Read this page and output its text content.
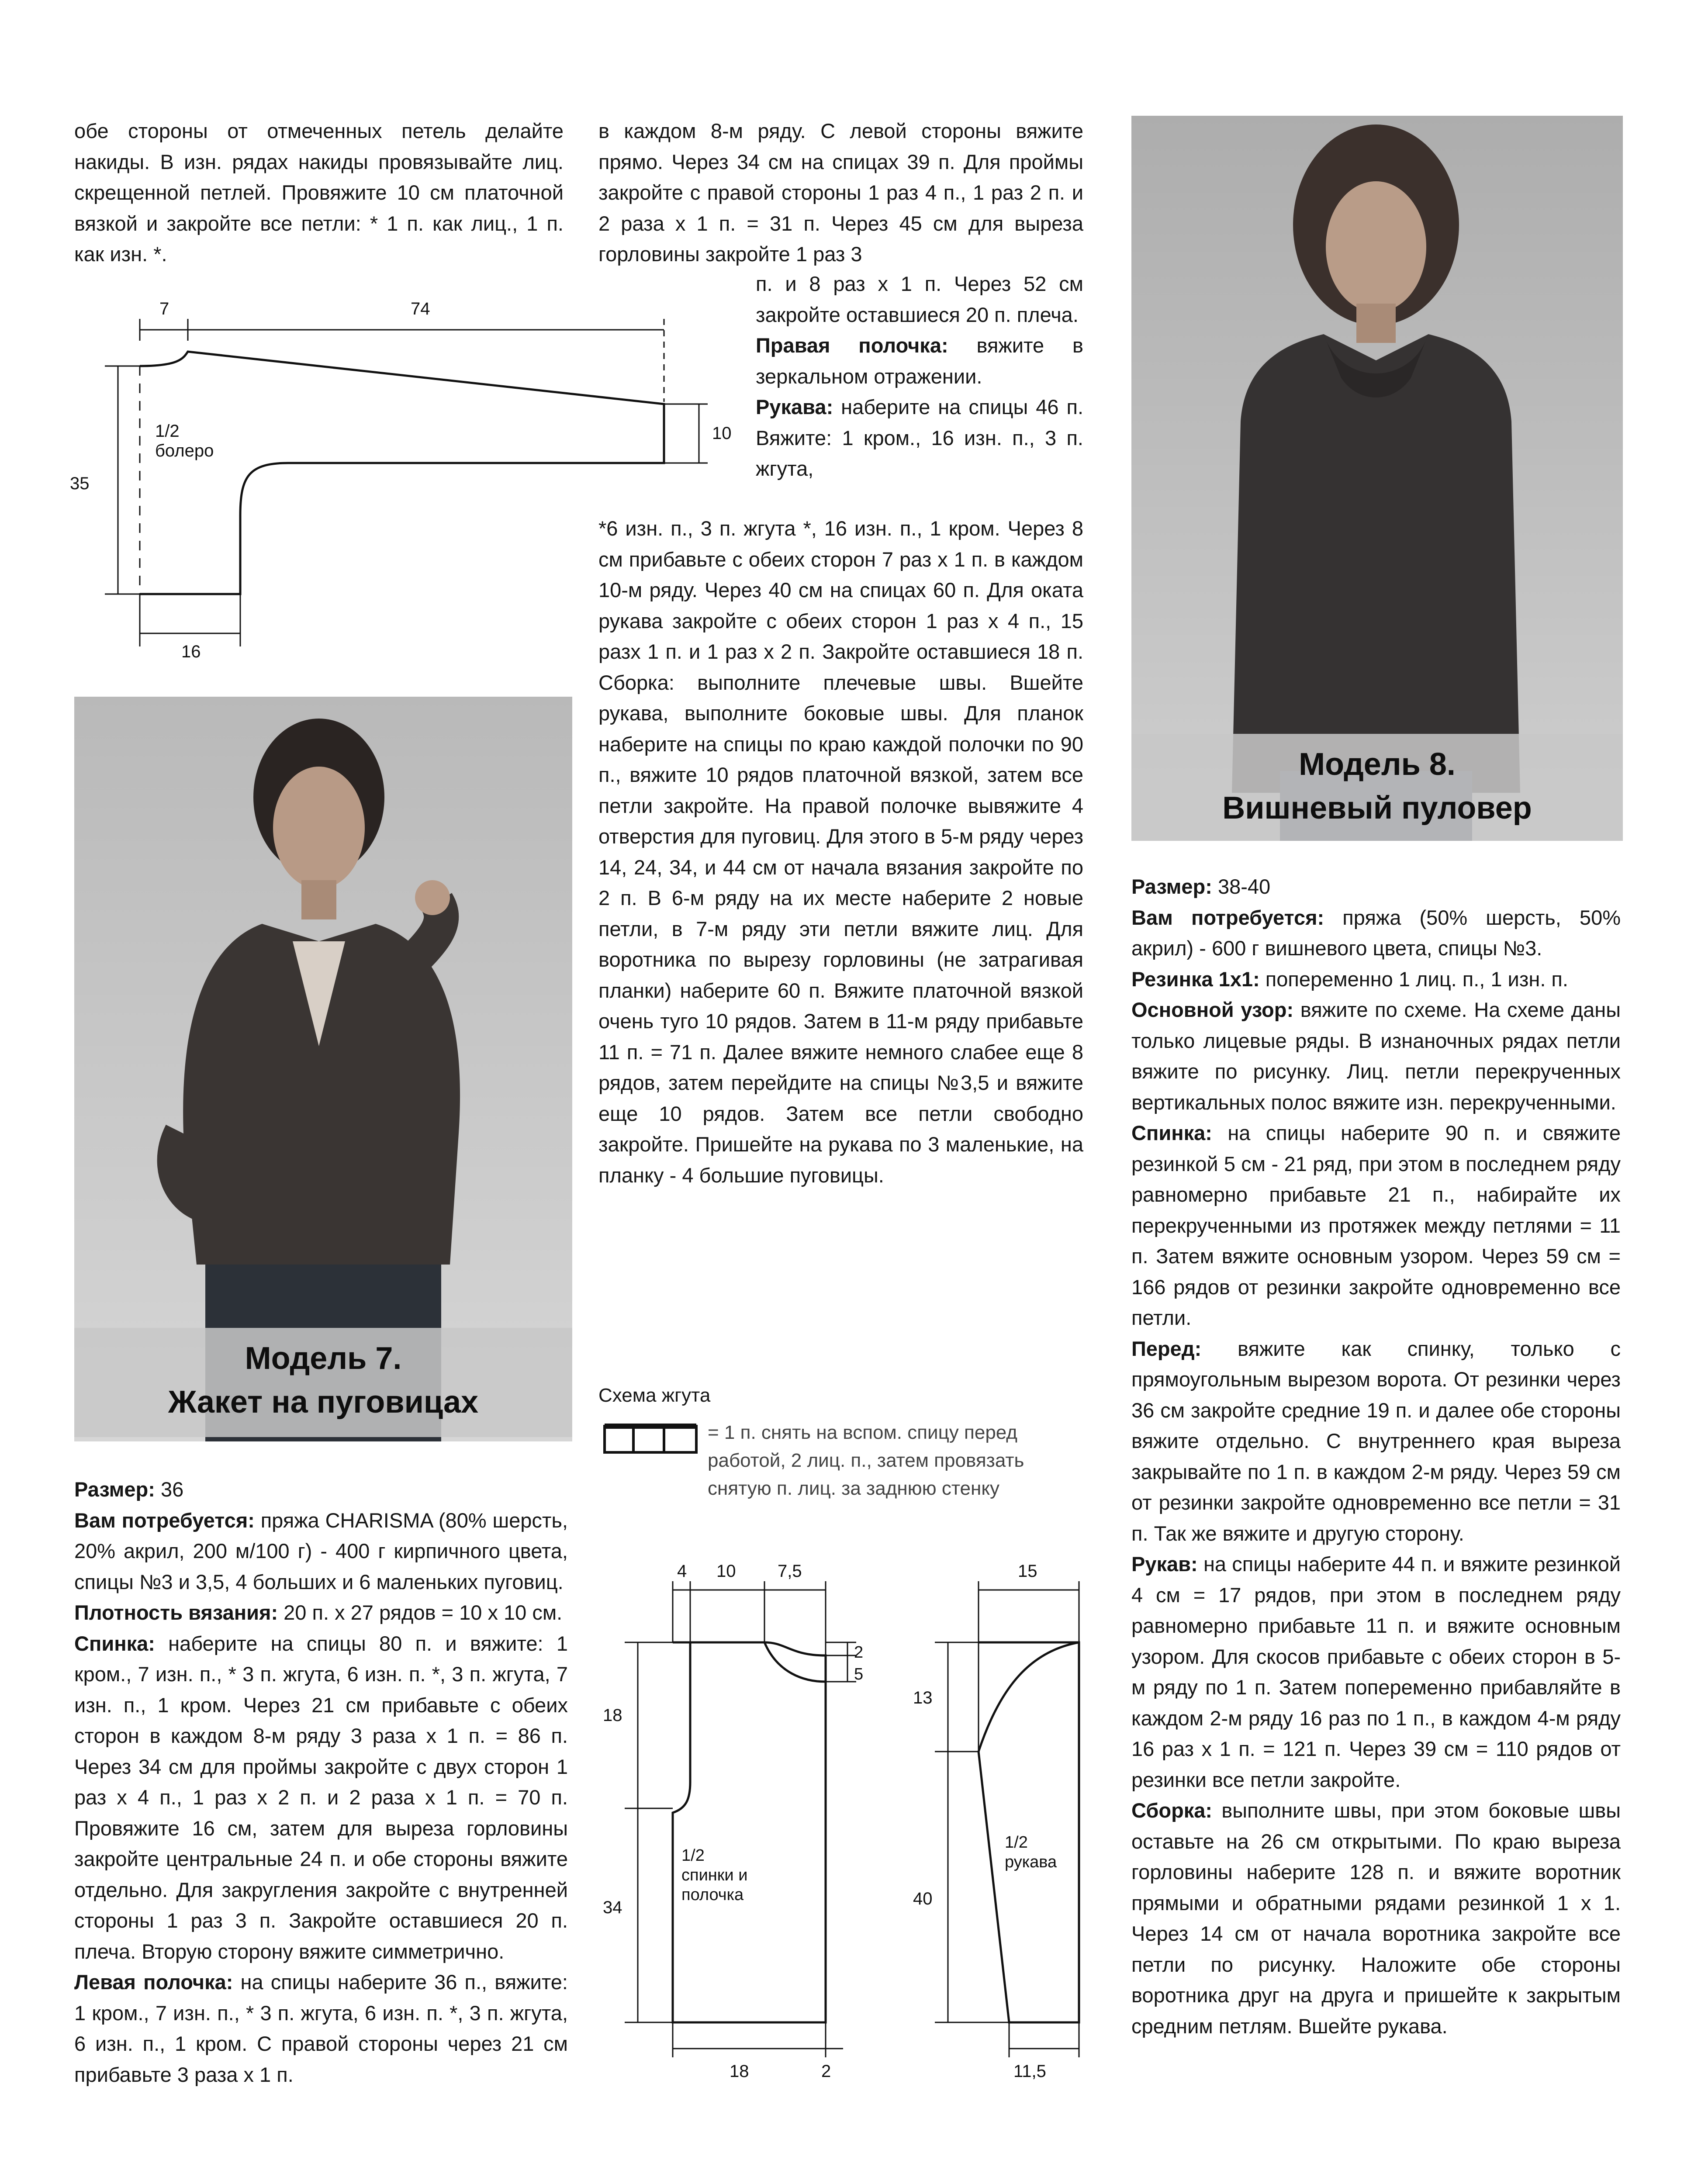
обе стороны от отмеченных петель делайте накиды. В изн. рядах накиды провязывайте лиц. скрещенной петлей. Провяжите 10 см платочной вязкой и закройте все петли: * 1 п. как лиц., 1 п. как изн. *.

1/2
болеро
7	74
35
10
16
Модель 7.
Жакет на пуговицах

Размер: 36

Вам потребуется: пряжа CHARISMA (80% шерсть, 20% акрил, 200 м/100 г) - 400 г кирпичного цвета, спицы №3 и 3,5, 4 больших и 6 маленьких пуговиц.

Плотность вязания: 20 п. х 27 рядов = 10 х 10 см.

Спинка: наберите на спицы 80 п. и вяжите: 1 кром., 7 изн. п., * 3 п. жгута, 6 изн. п. *, 3 п. жгута, 7 изн. п., 1 кром. Через 21 см прибавьте с обеих сторон в каждом 8-м ряду 3 раза х 1 п. = 86 п. Через 34 см для проймы закройте с двух сторон 1 раз х 4 п., 1 раз х 2 п. и 2 раза х 1 п. = 70 п. Провяжите 16 см, затем для выреза горловины закройте центральные 24 п. и обе стороны вяжите отдельно. Для закругления закройте с внутренней стороны 1 раз 3 п. Закройте оставшиеся 20 п. плеча. Вторую сторону вяжите симметрично.

Левая полочка: на спицы наберите 36 п., вяжите: 1 кром., 7 изн. п., * 3 п. жгута, 6 изн. п. *, 3 п. жгута, 6 изн. п., 1 кром. С правой стороны через 21 см прибавьте 3 раза х 1 п.

в каждом 8-м ряду. С левой стороны вяжите прямо. Через 34 см на спицах 39 п. Для проймы закройте с правой стороны 1 раз 4 п., 1 раз 2 п. и 2 раза х 1 п. = 31 п. Через 45 см для выреза горловины закройте 1 раз 3

п. и 8 раз х 1 п. Через 52 см закройте оставшиеся 20 п. плеча.

Правая полочка: вяжите в зеркальном отражении.

Рукава: наберите на спицы 46 п. Вяжите: 1 кром., 16 изн. п., 3 п. жгута,

*6 изн. п., 3 п. жгута *, 16 изн. п., 1 кром. Через 8 см прибавьте с обеих сторон 7 раз х 1 п. в каждом 10-м ряду. Через 40 см на спицах 60 п. Для оката рукава закройте с обеих сторон 1 раз х 4 п., 15 разх 1 п. и 1 раз х 2 п. Закройте оставшиеся 18 п. Сборка: выполните плечевые швы. Вшейте рукава, выполните боковые швы. Для планок наберите на спицы по краю каждой полочки по 90 п., вяжите 10 рядов платочной вязкой, затем все петли закройте. На правой полочке вывяжите 4 отверстия для пуговиц. Для этого в 5-м ряду через 14, 24, 34, и 44 см от начала вязания закройте по 2 п. В 6-м ряду на их месте наберите 2 новые петли, в 7-м ряду эти петли вяжите лиц. Для воротника по вырезу горловины (не затрагивая планки) наберите 60 п. Вяжите платочной вязкой очень туго 10 рядов. Затем в 11-м ряду прибавьте 11 п. = 71 п. Далее вяжите немного слабее еще 8 рядов, затем перейдите на спицы №3,5 и вяжите еще 10 рядов. Затем все петли свободно закройте. Пришейте на рукава по 3 маленькие, на планку - 4 большие пуговицы.

Схема жгута
= 1 п. снять на вспом. спицу перед работой, 2 лиц. п., затем провязать снятую п. лиц. за заднюю стенку
4 10 7,5
2
5
18
34
18	2
1/2
спинки и
полочка
15
13
40
11,5
1/2
рукава
Модель 8.
Вишневый пуловер

Размер: 38-40

Вам потребуется: пряжа (50% шерсть, 50% акрил) - 600 г вишневого цвета, спицы №3.

Резинка 1х1: попеременно 1 лиц. п., 1 изн. п.

Основной узор: вяжите по схеме. На схеме даны только лицевые ряды. В изнаночных рядах петли вяжите по рисунку. Лиц. петли перекрученных вертикальных полос вяжите изн. перекрученными.

Спинка: на спицы наберите 90 п. и свяжите резинкой 5 см - 21 ряд, при этом в последнем ряду равномерно прибавьте 21 п., набирайте их перекрученными из протяжек между петлями = 11 п. Затем вяжите основным узором. Через 59 см = 166 рядов от резинки закройте одновременно все петли.

Перед: вяжите как спинку, только с прямоугольным вырезом ворота. От резинки через 36 см закройте средние 19 п. и далее обе стороны вяжите отдельно. С внутреннего края выреза закрывайте по 1 п. в каждом 2-м ряду. Через 59 см от резинки закройте одновременно все петли = 31 п. Так же вяжите и другую сторону.

Рукав: на спицы наберите 44 п. и вяжите резинкой 4 см = 17 рядов, при этом в последнем ряду равномерно прибавьте 11 п. и вяжите основным узором. Для скосов прибавьте с обеих сторон в 5-м ряду по 1 п. Затем попеременно прибавляйте в каждом 2-м ряду 16 раз по 1 п., в каждом 4-м ряду 16 раз х 1 п. = 121 п. Через 39 см = 110 рядов от резинки все петли закройте.

Сборка: выполните швы, при этом боковые швы оставьте на 26 см открытыми. По краю выреза горловины наберите 128 п. и вяжите воротник прямыми и обратными рядами резинкой 1 х 1. Через 14 см от начала воротника закройте все петли по рисунку. Наложите обе стороны воротника друг на друга и пришейте к закрытым средним петлям. Вшейте рукава.
